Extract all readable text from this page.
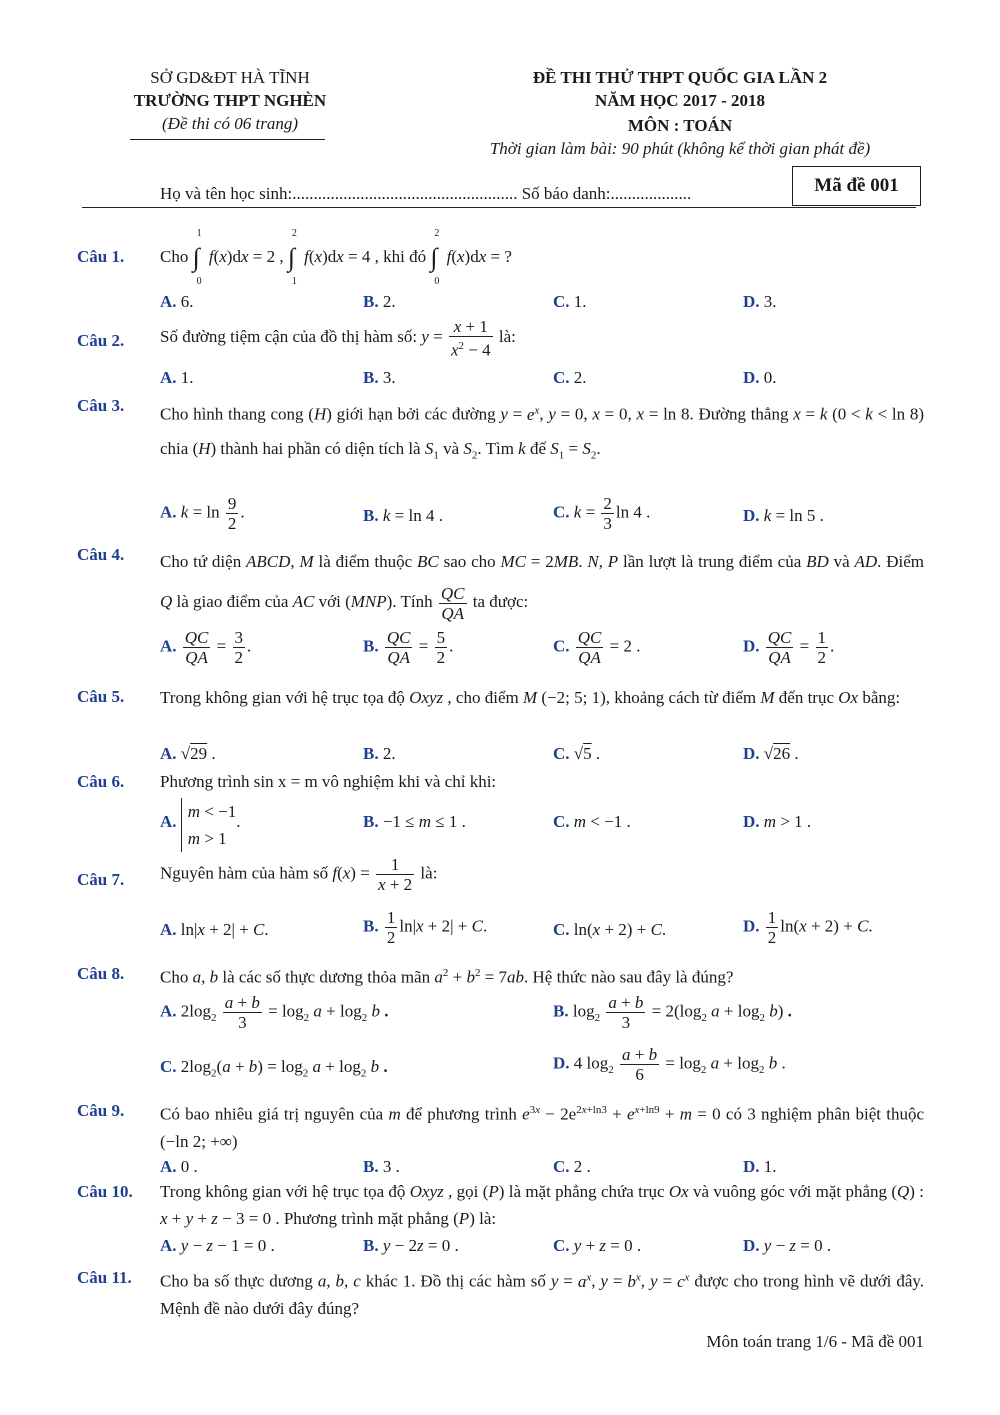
SỞ GD&ĐT HÀ TĨNH
TRƯỜNG THPT NGHÈN
(Đề thi có 06 trang)
ĐỀ THI THỬ THPT QUỐC GIA LẦN 2
NĂM HỌC 2017 - 2018
MÔN : TOÁN
Thời gian làm bài: 90 phút (không kể thời gian phát đề)
Họ và tên học sinh:..................................................... Số báo danh:...................	Mã đề 001
Câu 1. Cho ∫
1
0
f(x)dx = 2 , ∫
2
1
f(x)dx = 4 , khi đó ∫
2
0
f(x)dx = ?
A. 6.	B. 2.	C. 1.	D. 3.
Câu 2. Số đường tiệm cận của đồ thị hàm số: $y = \frac{x + 1}{x^2 - 4}$ là:
A. 1.	B. 3.	C. 2.	D. 0.
Câu 3. Cho hình thang cong (H) giới hạn bởi các đường $y = e^x$, y = 0, x = 0, x = ln 8. Đường thẳng x = k (0 < k < ln 8) chia (H) thành hai phần có diện tích là $S_1$ và $S_2$. Tìm k để $S_1 = S_2$.
A. $k = \ln \frac{9}{2}$ .	B. k = ln 4 .	C. $k = \frac{2}{3}$ ln 4 .	D. k = ln 5 .
Câu 4. Cho tứ diện ABCD, M là điểm thuộc BC sao cho MC = 2MB. N, P lần lượt là trung điểm của BD và AD. Điểm Q là giao điểm của AC với (MNP). Tính $\frac{QC}{QA}$ ta được:
A. $\frac{QC}{QA} = \frac{3}{2}$ .	B. $\frac{QC}{QA} = \frac{5}{2}$ .	C. $\frac{QC}{QA} = 2$ .	D. $\frac{QC}{QA} = \frac{1}{2}$ .
Câu 5. Trong không gian với hệ trục tọa độ Oxyz , cho điểm M (−2; 5; 1), khoảng cách từ điểm M đến trục Ox bằng:
A. √29 .	B. 2.	C. √5 .	D. √26 .
Câu 6. Phương trình sin x = m vô nghiệm khi và chỉ khi:
A. m < −1
m > 1.	B. −1 ≤ m ≤ 1 .	C. m < −1 .	D. m > 1 .
Câu 7. Nguyên hàm của hàm số $f(x) = \frac{1}{x + 2}$ là:
A. ln|x + 2| + C.	B. $\frac{1}{2} \ln|x + 2| + C$.	C. ln(x + 2) + C.	D. $\frac{1}{2} \ln(x + 2) + C$.
Câu 8. Cho a, b là các số thực dương thỏa mãn $a^2 + b^2 = 7ab$. Hệ thức nào sau đây là đúng?
A. $2\log_2 \frac{a + b}{3} = \log_2 a + \log_2 b$ .	B. $\log_2 \frac{a + b}{3} = 2(\log_2$ $a + \log_2 b$) .
C. $2\log_2(a + b) = \log_2 a + \log_2 b$ .	D. 4 $\log_2 \frac{a + b}{6} = \log_2 a + \log_2 b$ .
Câu 9. Có bao nhiêu giá trị nguyên của m để phương trình $e^{3x} - 2e^{2x+ln3} + e^{x+ln9} + m = 0$ có 3 nghiệm phân biệt thuộc (−ln 2; +∞)
A. 0 .	B. 3 .	C. 2 .	D. 1.
Câu 10. Trong không gian với hệ trục tọa độ Oxyz , gọi (P) là mặt phẳng chứa trục Ox và vuông góc với mặt phẳng (Q) : x + y + z − 3 = 0 . Phương trình mặt phẳng (P) là:
A. y − z − 1 = 0 .	B. y − 2z = 0 .	C. y + z = 0 .	D. y − z = 0 .
Câu 11. Cho ba số thực dương a, b, c khác 1. Đồ thị các hàm số $y = a^x$, $y = b^x$, $y = c^x$ được cho trong hình vẽ dưới đây. Mệnh đề nào dưới đây đúng?
Môn toán trang 1/6 - Mã đề 001
